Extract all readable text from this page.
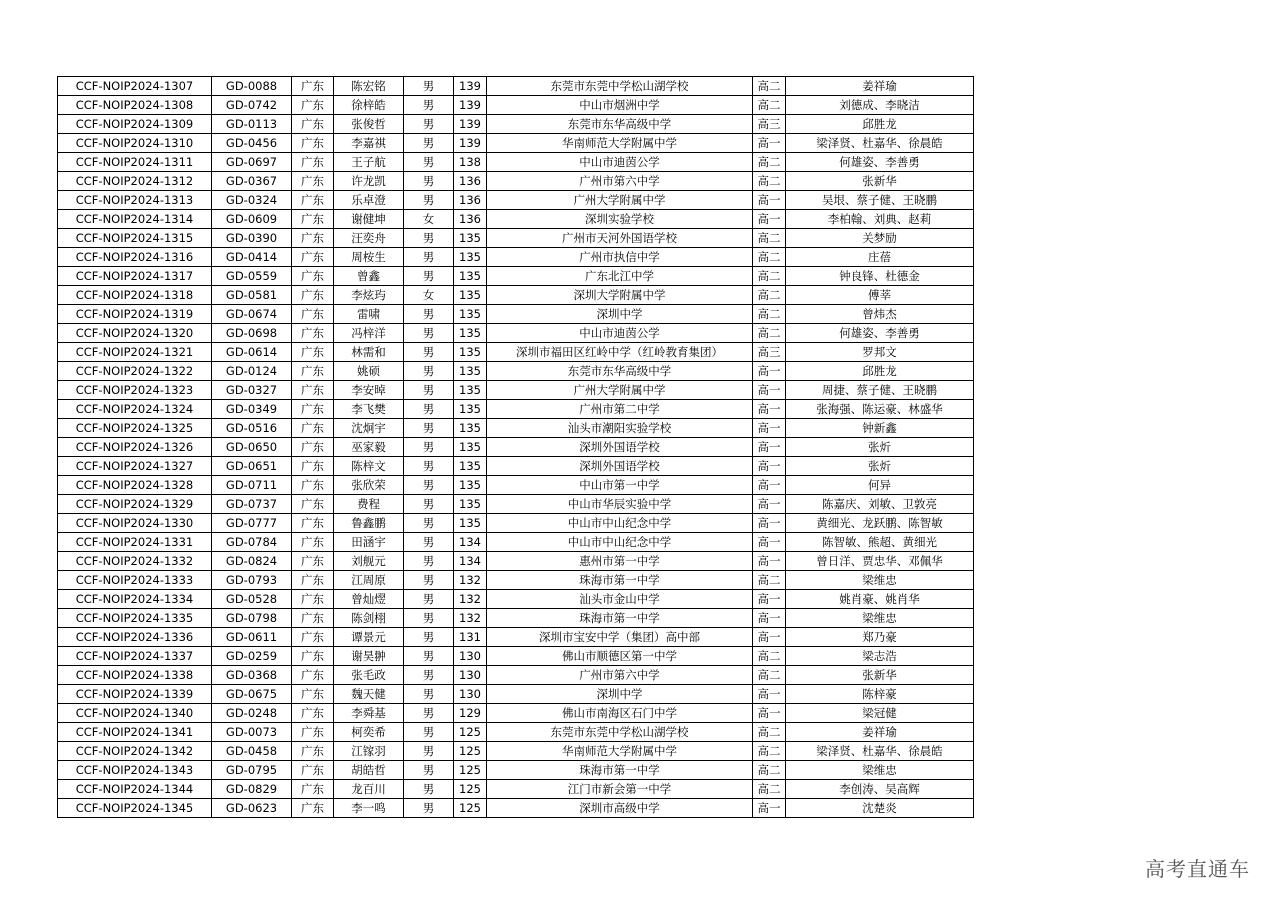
CCF-NOIP2024-1307	GD-0088	广东	陈宏铭	男	139	东莞市东莞中学松山湖学校	高二	姜祥瑜
CCF-NOIP2024-1308	GD-0742	广东	徐梓皓	男	139	中山市烟洲中学	高二	刘德成、李晓洁
CCF-NOIP2024-1309	GD-0113	广东	张俊哲	男	139	东莞市东华高级中学	高三	邱胜龙
CCF-NOIP2024-1310	GD-0456	广东	李嘉祺	男	139	华南师范大学附属中学	高一	梁泽贤、杜嘉华、徐晨皓
CCF-NOIP2024-1311	GD-0697	广东	王子航	男	138	中山市迪茵公学	高二	何雄姿、李善勇
CCF-NOIP2024-1312	GD-0367	广东	许龙凯	男	136	广州市第六中学	高二	张新华
CCF-NOIP2024-1313	GD-0324	广东	乐卓澄	男	136	广州大学附属中学	高一	吴垠、蔡子健、王晓鹏
CCF-NOIP2024-1314	GD-0609	广东	谢健坤	女	136	深圳实验学校	高一	李柏翰、刘典、赵莉
CCF-NOIP2024-1315	GD-0390	广东	汪奕舟	男	135	广州市天河外国语学校	高二	关梦励
CCF-NOIP2024-1316	GD-0414	广东	周桉生	男	135	广州市执信中学	高二	庄蓓
CCF-NOIP2024-1317	GD-0559	广东	曾鑫	男	135	广东北江中学	高二	钟良锋、杜德金
CCF-NOIP2024-1318	GD-0581	广东	李炫玙	女	135	深圳大学附属中学	高二	傅莘
CCF-NOIP2024-1319	GD-0674	广东	雷啸	男	135	深圳中学	高二	曾炜杰
CCF-NOIP2024-1320	GD-0698	广东	冯梓洋	男	135	中山市迪茵公学	高二	何雄姿、李善勇
CCF-NOIP2024-1321	GD-0614	广东	林需和	男	135	深圳市福田区红岭中学（红岭教育集团）	高三	罗邦文
CCF-NOIP2024-1322	GD-0124	广东	姚硕	男	135	东莞市东华高级中学	高一	邱胜龙
CCF-NOIP2024-1323	GD-0327	广东	李安晫	男	135	广州大学附属中学	高一	周捷、蔡子健、王晓鹏
CCF-NOIP2024-1324	GD-0349	广东	李飞樊	男	135	广州市第二中学	高一	张海强、陈运豪、林盛华
CCF-NOIP2024-1325	GD-0516	广东	沈炯宇	男	135	汕头市潮阳实验学校	高一	钟新鑫
CCF-NOIP2024-1326	GD-0650	广东	巫家毅	男	135	深圳外国语学校	高一	张炘
CCF-NOIP2024-1327	GD-0651	广东	陈梓文	男	135	深圳外国语学校	高一	张炘
CCF-NOIP2024-1328	GD-0711	广东	张欣荣	男	135	中山市第一中学	高一	何异
CCF-NOIP2024-1329	GD-0737	广东	费程	男	135	中山市华辰实验中学	高一	陈嘉庆、刘敏、卫敦亮
CCF-NOIP2024-1330	GD-0777	广东	鲁鑫鹏	男	135	中山市中山纪念中学	高一	黄细光、龙跃鹏、陈智敏
CCF-NOIP2024-1331	GD-0784	广东	田涵宇	男	134	中山市中山纪念中学	高一	陈智敏、熊超、黄细光
CCF-NOIP2024-1332	GD-0824	广东	刘舰元	男	134	惠州市第一中学	高一	曾日洋、贾忠华、邓佩华
CCF-NOIP2024-1333	GD-0793	广东	江周原	男	132	珠海市第一中学	高二	梁维忠
CCF-NOIP2024-1334	GD-0528	广东	曾灿熤	男	132	汕头市金山中学	高一	姚肖豪、姚肖华
CCF-NOIP2024-1335	GD-0798	广东	陈剑栩	男	132	珠海市第一中学	高一	梁维忠
CCF-NOIP2024-1336	GD-0611	广东	谭景元	男	131	深圳市宝安中学（集团）高中部	高一	郑乃豪
CCF-NOIP2024-1337	GD-0259	广东	谢昊翀	男	130	佛山市顺德区第一中学	高二	梁志浩
CCF-NOIP2024-1338	GD-0368	广东	张毛政	男	130	广州市第六中学	高二	张新华
CCF-NOIP2024-1339	GD-0675	广东	魏天健	男	130	深圳中学	高一	陈梓豪
CCF-NOIP2024-1340	GD-0248	广东	李舜基	男	129	佛山市南海区石门中学	高一	梁冠健
CCF-NOIP2024-1341	GD-0073	广东	柯奕希	男	125	东莞市东莞中学松山湖学校	高二	姜祥瑜
CCF-NOIP2024-1342	GD-0458	广东	江镓羽	男	125	华南师范大学附属中学	高二	梁泽贤、杜嘉华、徐晨皓
CCF-NOIP2024-1343	GD-0795	广东	胡皓哲	男	125	珠海市第一中学	高二	梁维忠
CCF-NOIP2024-1344	GD-0829	广东	龙百川	男	125	江门市新会第一中学	高二	李创涛、吴高辉
CCF-NOIP2024-1345	GD-0623	广东	李一鸣	男	125	深圳市高级中学	高一	沈楚炎
高考直通车
